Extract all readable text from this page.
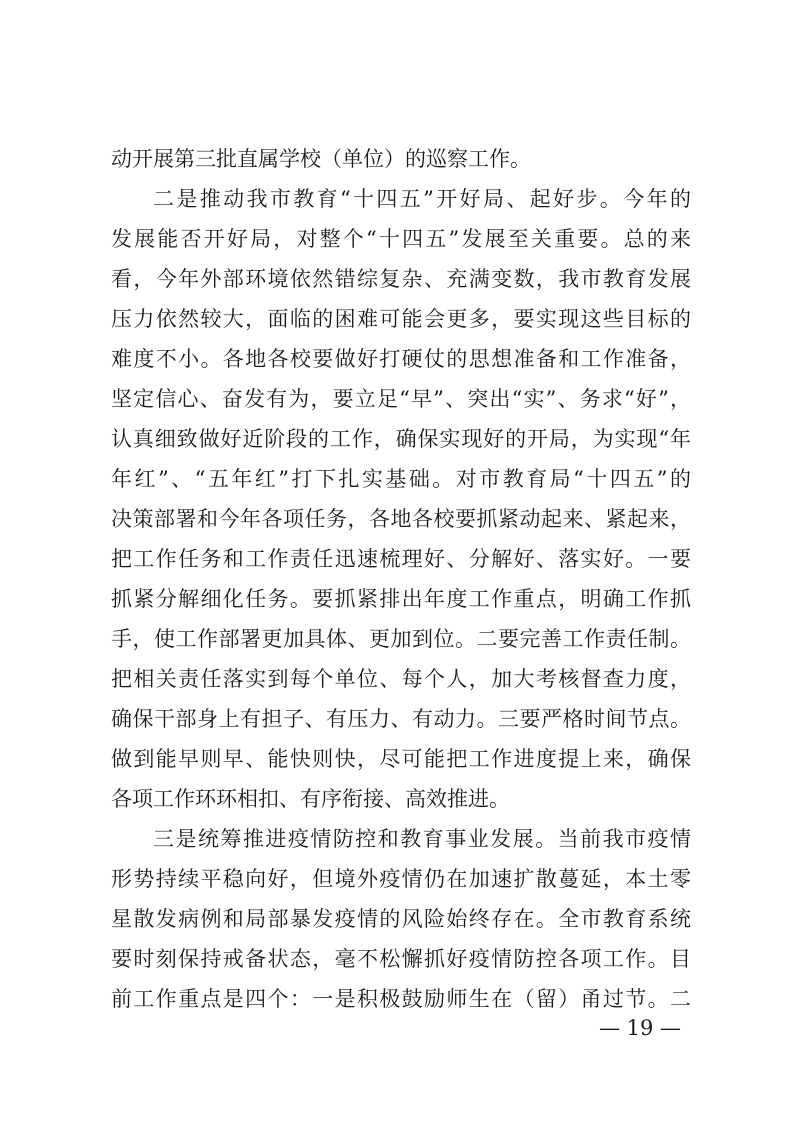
动开展第三批直属学校（单位）的巡察工作。
二是推动我市教育“十四五”开好局、起好步。今年的
发展能否开好局，对整个“十四五”发展至关重要。总的来
看，今年外部环境依然错综复杂、充满变数，我市教育发展
压力依然较大，面临的困难可能会更多，要实现这些目标的
难度不小。各地各校要做好打硬仗的思想准备和工作准备，
坚定信心、奋发有为，要立足“早”、突出“实”、务求“好”，
认真细致做好近阶段的工作，确保实现好的开局，为实现“年
年红”、“五年红”打下扎实基础。对市教育局“十四五”的
决策部署和今年各项任务，各地各校要抓紧动起来、紧起来，
把工作任务和工作责任迅速梳理好、分解好、落实好。一要
抓紧分解细化任务。要抓紧排出年度工作重点，明确工作抓
手，使工作部署更加具体、更加到位。二要完善工作责任制。
把相关责任落实到每个单位、每个人，加大考核督查力度，
确保干部身上有担子、有压力、有动力。三要严格时间节点。
做到能早则早、能快则快，尽可能把工作进度提上来，确保
各项工作环环相扣、有序衔接、高效推进。
三是统筹推进疫情防控和教育事业发展。当前我市疫情
形势持续平稳向好，但境外疫情仍在加速扩散蔓延，本土零
星散发病例和局部暴发疫情的风险始终存在。全市教育系统
要时刻保持戒备状态，毫不松懈抓好疫情防控各项工作。目
前工作重点是四个：一是积极鼓励师生在（留）甬过节。二
— 19 —
